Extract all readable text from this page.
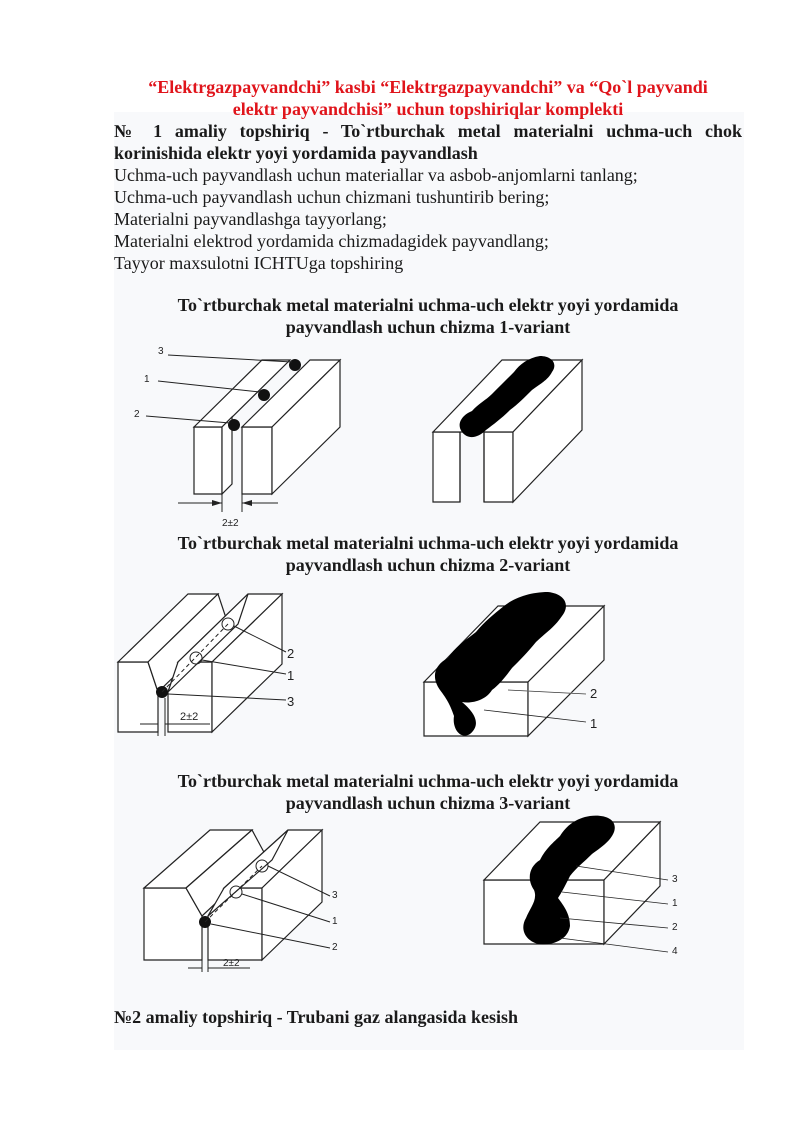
“Elektrgazpayvandchi” kasbi “Elektrgazpayvandchi” va “Qo`l payvandi
elektr payvandchisi” uchun topshiriqlar komplekti

№ 1 amaliy topshiriq - To`rtburchak metal materialni uchma-uch chok

korinishida elektr yoyi yordamida payvandlash

Uchma-uch payvandlash uchun materiallar va asbob-anjomlarni tanlang;

Uchma-uch payvandlash uchun chizmani tushuntirib bering;

Materialni payvandlashga tayyorlang;

Materialni elektrod yordamida chizmadagidek payvandlang;

Tayyor maxsulotni ICHTUga topshiring

To`rtburchak metal materialni uchma-uch elektr yoyi yordamida
payvandlash uchun chizma 1-variant

3
1
2
2±2

To`rtburchak metal materialni uchma-uch elektr yoyi yordamida
payvandlash uchun chizma 2-variant

2
1
3
2±2
2
1

To`rtburchak metal materialni uchma-uch elektr yoyi yordamida
payvandlash uchun chizma 3-variant

3
1
2
2±2
3
1
2
4

№2 amaliy topshiriq - Trubani gaz alangasida kesish
